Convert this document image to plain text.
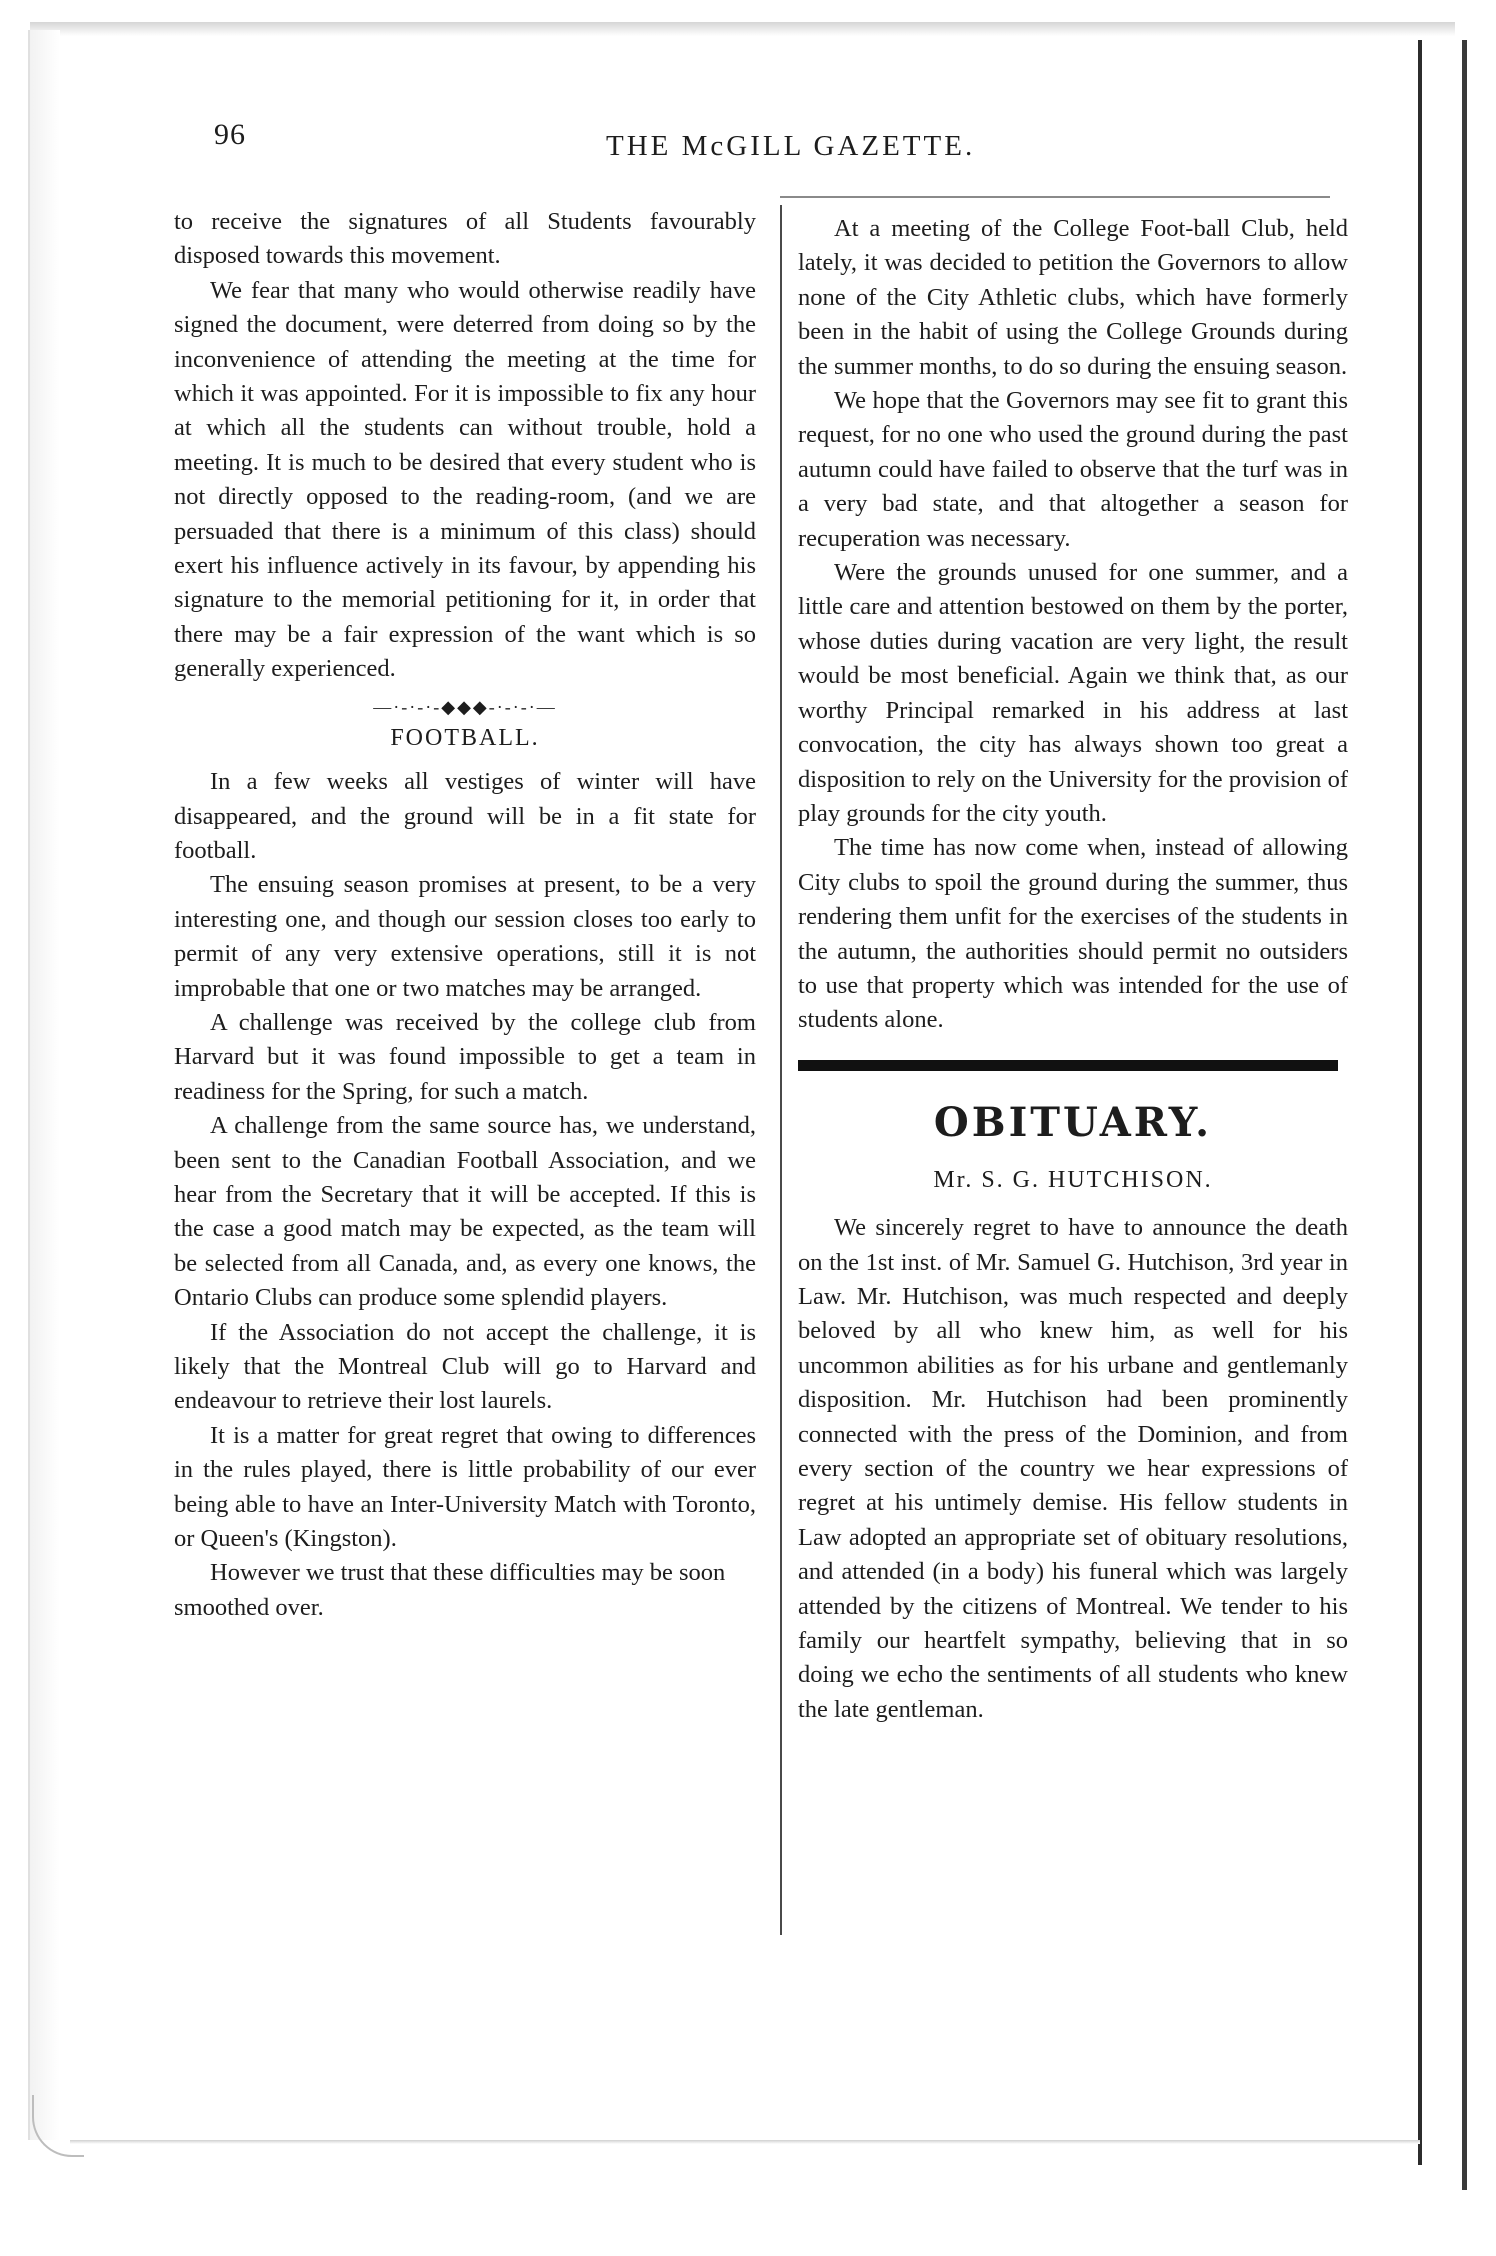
96	THE McGILL GAZETTE.

to receive the signatures of all Students favourably disposed towards this movement.

We fear that many who would otherwise readily have signed the document, were deterred from doing so by the inconvenience of attending the meeting at the time for which it was appointed. For it is impossible to fix any hour at which all the students can without trouble, hold a meeting. It is much to be desired that every student who is not directly opposed to the reading-room, (and we are persuaded that there is a minimum of this class) should exert his influence actively in its favour, by appending his signature to the memorial petitioning for it, in order that there may be a fair expression of the want which is so generally experienced.

—·-·-·-◆◆◆-·-·-·—

FOOTBALL.

In a few weeks all vestiges of winter will have disappeared, and the ground will be in a fit state for football.

The ensuing season promises at present, to be a very interesting one, and though our session closes too early to permit of any very extensive operations, still it is not improbable that one or two matches may be arranged.

A challenge was received by the college club from Harvard but it was found impossible to get a team in readiness for the Spring, for such a match.

A challenge from the same source has, we understand, been sent to the Canadian Football Association, and we hear from the Secretary that it will be accepted. If this is the case a good match may be expected, as the team will be selected from all Canada, and, as every one knows, the Ontario Clubs can produce some splendid players.

If the Association do not accept the challenge, it is likely that the Montreal Club will go to Harvard and endeavour to retrieve their lost laurels.

It is a matter for great regret that owing to differences in the rules played, there is little probability of our ever being able to have an Inter-University Match with Toronto, or Queen's (Kingston).

However we trust that these difficulties may be soon smoothed over.

At a meeting of the College Foot-ball Club, held lately, it was decided to petition the Governors to allow none of the City Athletic clubs, which have formerly been in the habit of using the College Grounds during the summer months, to do so during the ensuing season.

We hope that the Governors may see fit to grant this request, for no one who used the ground during the past autumn could have failed to observe that the turf was in a very bad state, and that altogether a season for recuperation was necessary.

Were the grounds unused for one summer, and a little care and attention bestowed on them by the porter, whose duties during vacation are very light, the result would be most beneficial. Again we think that, as our worthy Principal remarked in his address at last convocation, the city has always shown too great a disposition to rely on the University for the provision of play grounds for the city youth.

The time has now come when, instead of allowing City clubs to spoil the ground during the summer, thus rendering them unfit for the exercises of the students in the autumn, the authorities should permit no outsiders to use that property which was intended for the use of students alone.

OBITUARY.

Mr. S. G. HUTCHISON.

We sincerely regret to have to announce the death on the 1st inst. of Mr. Samuel G. Hutchison, 3rd year in Law. Mr. Hutchison, was much respected and deeply beloved by all who knew him, as well for his uncommon abilities as for his urbane and gentlemanly disposition. Mr. Hutchison had been prominently connected with the press of the Dominion, and from every section of the country we hear expressions of regret at his untimely demise. His fellow students in Law adopted an appropriate set of obituary resolutions, and attended (in a body) his funeral which was largely attended by the citizens of Montreal. We tender to his family our heartfelt sympathy, believing that in so doing we echo the sentiments of all students who knew the late gentleman.
